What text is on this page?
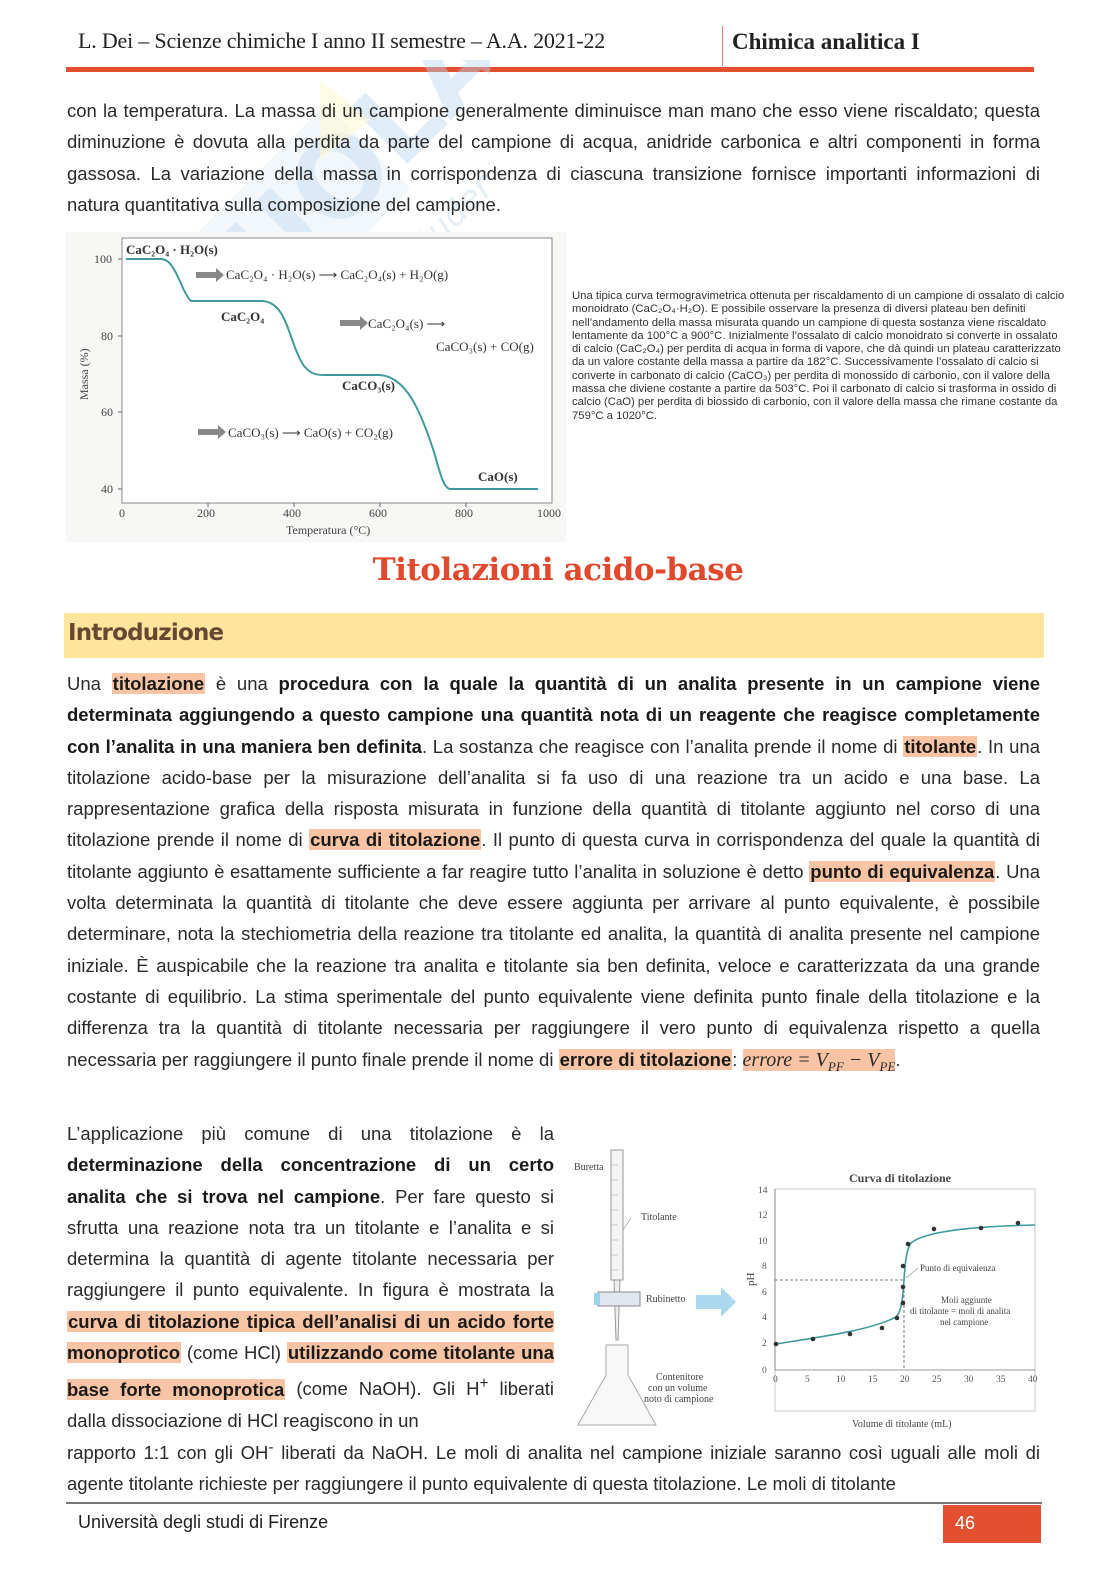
L. Dei – Scienze chimiche I anno II semestre – A.A. 2021-22	Chimica analitica I
con la temperatura. La massa di un campione generalmente diminuisce man mano che esso viene riscaldato; questa diminuzione è dovuta alla perdita da parte del campione di acqua, anidride carbonica e altri componenti in forma gassosa. La variazione della massa in corrispondenza di ciascuna transizione fornisce importanti informazioni di natura quantitativa sulla composizione del campione.
100
80
60
40
0	200	400	600	800	1000
Temperatura (°C)
Massa (%)
CaC₂O₄ · H₂O(s)
CaC₂O₄
CaCO₃(s)
CaO(s)
CaC₂O₄ · H₂O(s) ⟶ CaC₂O₄(s) + H₂O(g)
CaC₂O₄(s) ⟶
CaCO₃(s) + CO(g)
CaCO₃(s) ⟶ CaO(s) + CO₂(g)
Una tipica curva termogravimetrica ottenuta per riscaldamento di un campione di ossalato di calcio monoidrato (CaC₂O₄·H₂O). E possibile osservare la presenza di diversi plateau ben definiti nell’andamento della massa misurata quando un campione di questa sostanza viene riscaldato lentamente da 100°C a 900°C. Inizialmente l’ossalato di calcio monoidrato si converte in ossalato di calcio (CaC₂O₄) per perdita di acqua in forma di vapore, che dà quindi un plateau caratterizzato da un valore costante della massa a partire da 182°C. Successivamente l’ossalato di calcio si converte in carbonato di calcio (CaCO₃) per perdita di monossido di carbonio, con il valore della massa che diviene costante a partire da 503°C. Poi il carbonato di calcio si trasforma in ossido di calcio (CaO) per perdita di biossido di carbonio, con il valore della massa che rimane costante da 759°C a 1020°C.
Titolazioni acido-base
Introduzione
Una titolazione è una procedura con la quale la quantità di un analita presente in un campione viene determinata aggiungendo a questo campione una quantità nota di un reagente che reagisce completamente con l’analita in una maniera ben definita. La sostanza che reagisce con l’analita prende il nome di titolante. In una titolazione acido-base per la misurazione dell’analita si fa uso di una reazione tra un acido e una base. La rappresentazione grafica della risposta misurata in funzione della quantità di titolante aggiunto nel corso di una titolazione prende il nome di curva di titolazione. Il punto di questa curva in corrispondenza del quale la quantità di titolante aggiunto è esattamente sufficiente a far reagire tutto l’analita in soluzione è detto punto di equivalenza. Una volta determinata la quantità di titolante che deve essere aggiunta per arrivare al punto equivalente, è possibile determinare, nota la stechiometria della reazione tra titolante ed analita, la quantità di analita presente nel campione iniziale. È auspicabile che la reazione tra analita e titolante sia ben definita, veloce e caratterizzata da una grande costante di equilibrio. La stima sperimentale del punto equivalente viene definita punto finale della titolazione e la differenza tra la quantità di titolante necessaria per raggiungere il vero punto di equivalenza rispetto a quella necessaria per raggiungere il punto finale prende il nome di errore di titolazione: errore = $V_{PF} - V_{PE}$.
L’applicazione più comune di una titolazione è la determinazione della concentrazione di un certo analita che si trova nel campione. Per fare questo si sfrutta una reazione nota tra un titolante e l’analita e si determina la quantità di agente titolante necessaria per raggiungere il punto equivalente. In figura è mostrata la curva di titolazione tipica dell’analisi di un acido forte monoprotico (come HCl) utilizzando come titolante una base forte monoprotica (come NaOH). Gli H+ liberati dalla dissociazione di HCl reagiscono in un
Buretta
Titolante
Rubinetto
Contenitore
con un volume
noto di campione
Curva di titolazione
pH
Volume di titolante (mL)
14
12
10
8
6
4
2
0
0	5	10 15 20 25 30 35 40
Punto di equivalenza
Moli aggiunte
di titolante = moli di analita
nel campione
rapporto 1:1 con gli OH- liberati da NaOH. Le moli di analita nel campione iniziale saranno così uguali alle moli di agente titolante richieste per raggiungere il punto equivalente di questa titolazione. Le moli di titolante
Università degli studi di Firenze	46
